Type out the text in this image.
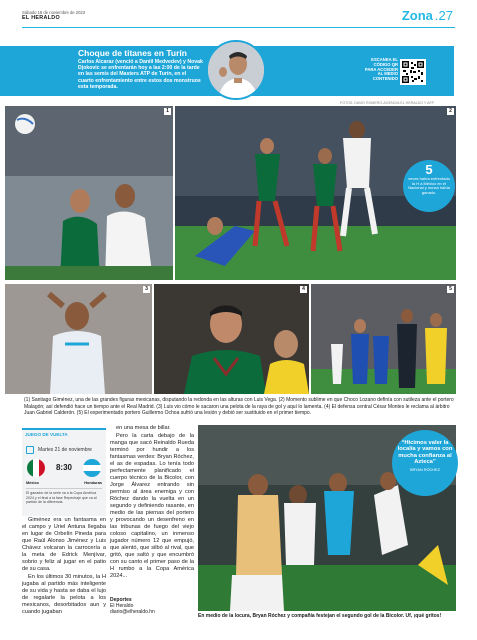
Sábado 18 de noviembre de 2023
EL HERALDO	Zona .27
Choque de titanes en Turín
Carlos Alcaraz (venció a Daniil Medvedev) y Novak Djokovic se enfrentarán hoy a las 2:00 de la tarde en las semis del Masters ATP de Turín, en el cuarto enfrentamiento entre estos dos monstruos esta temporada.
ESCANEA EL CÓDIGO QR PARA ACCEDER AL MEDIO CONTENIDO
FOTOS: DAVID ROMERO-AGENCIA EL HERALDO Y AFP
1	2
5
veces había enfrentado la H a México en el Nacional y nunca había ganado.
3	4	5
(1) Santiago Giménez, una de las grandes figuras mexicanas, disputando la redonda en las alturas con Luis Vega. (2) Momento sublime en que Choco Lozano definía con sutileza ante el portero Malagón; así defendió hace un tiempo ante el Real Madrid. (3) Luis vio cómo le sacaron una pelota de la raya de gol y aquí lo lamenta. (4) El defensa central César Montes le reclama al árbitro Juan Gabriel Calderón. (5) El experimentado portero Guillermo Ochoa sufrió una lesión y debió ser sustituido en el primer tiempo.
JUEGO DE VUELTA
Martes 21 de noviembre
8:30
México	Honduras
El ganador de la serie va a la Copa América 2024 y el final a la fase Repechaje que va al partido de la diferencia.

Giménez era un fantasma en el campo y Uriel Antuna llegaba en lugar de Orbelín Pineda para que Raúl Alonso Jiménez y Luis Chávez volcaran la carrocería a la meta de Edrick Menjívar, sobrio y feliz al jugar en el patio de su casa.

En los últimos 30 minutos, la H jugaba al partido más inteligente de su vida y hasta se daba el lujo de regalarle la pelota a los mexicanos, desorbitados aun y cuando jugaban

en una mesa de billar.

Pero la carta debajo de la manga que sacó Reinaldo Rueda terminó por hundir a los fantasmas verdes: Bryan Róchez, el as de espadas. Lo tenía todo perfectamente planificado el cuerpo técnico de la Bicolor, con Jorge Álvarez entrando sin permiso al área enemiga y con Róchez dando la vuelta en un segundo y definiendo rasante, en medio de las piernas del portero y provocando un desenfreno en las tribunas de fuego del viejo coloso capitalino, un inmenso jugador número 12 que empujó, que alentó, que silbó al rival, que gritó, que saltó y que encumbró con su canto el primer paso de la H rumbo a la Copa América 2024...

Deportes
El Heraldo
diario@elheraldo.hn
“Hicimos valer la localía y vamos con mucha confianza al Azteca”
BRYAN RÓCHEZ
En medio de la locura, Bryan Róchez y compañía festejan el segundo gol de la Bicolor. Uf, ¡qué gritos!
